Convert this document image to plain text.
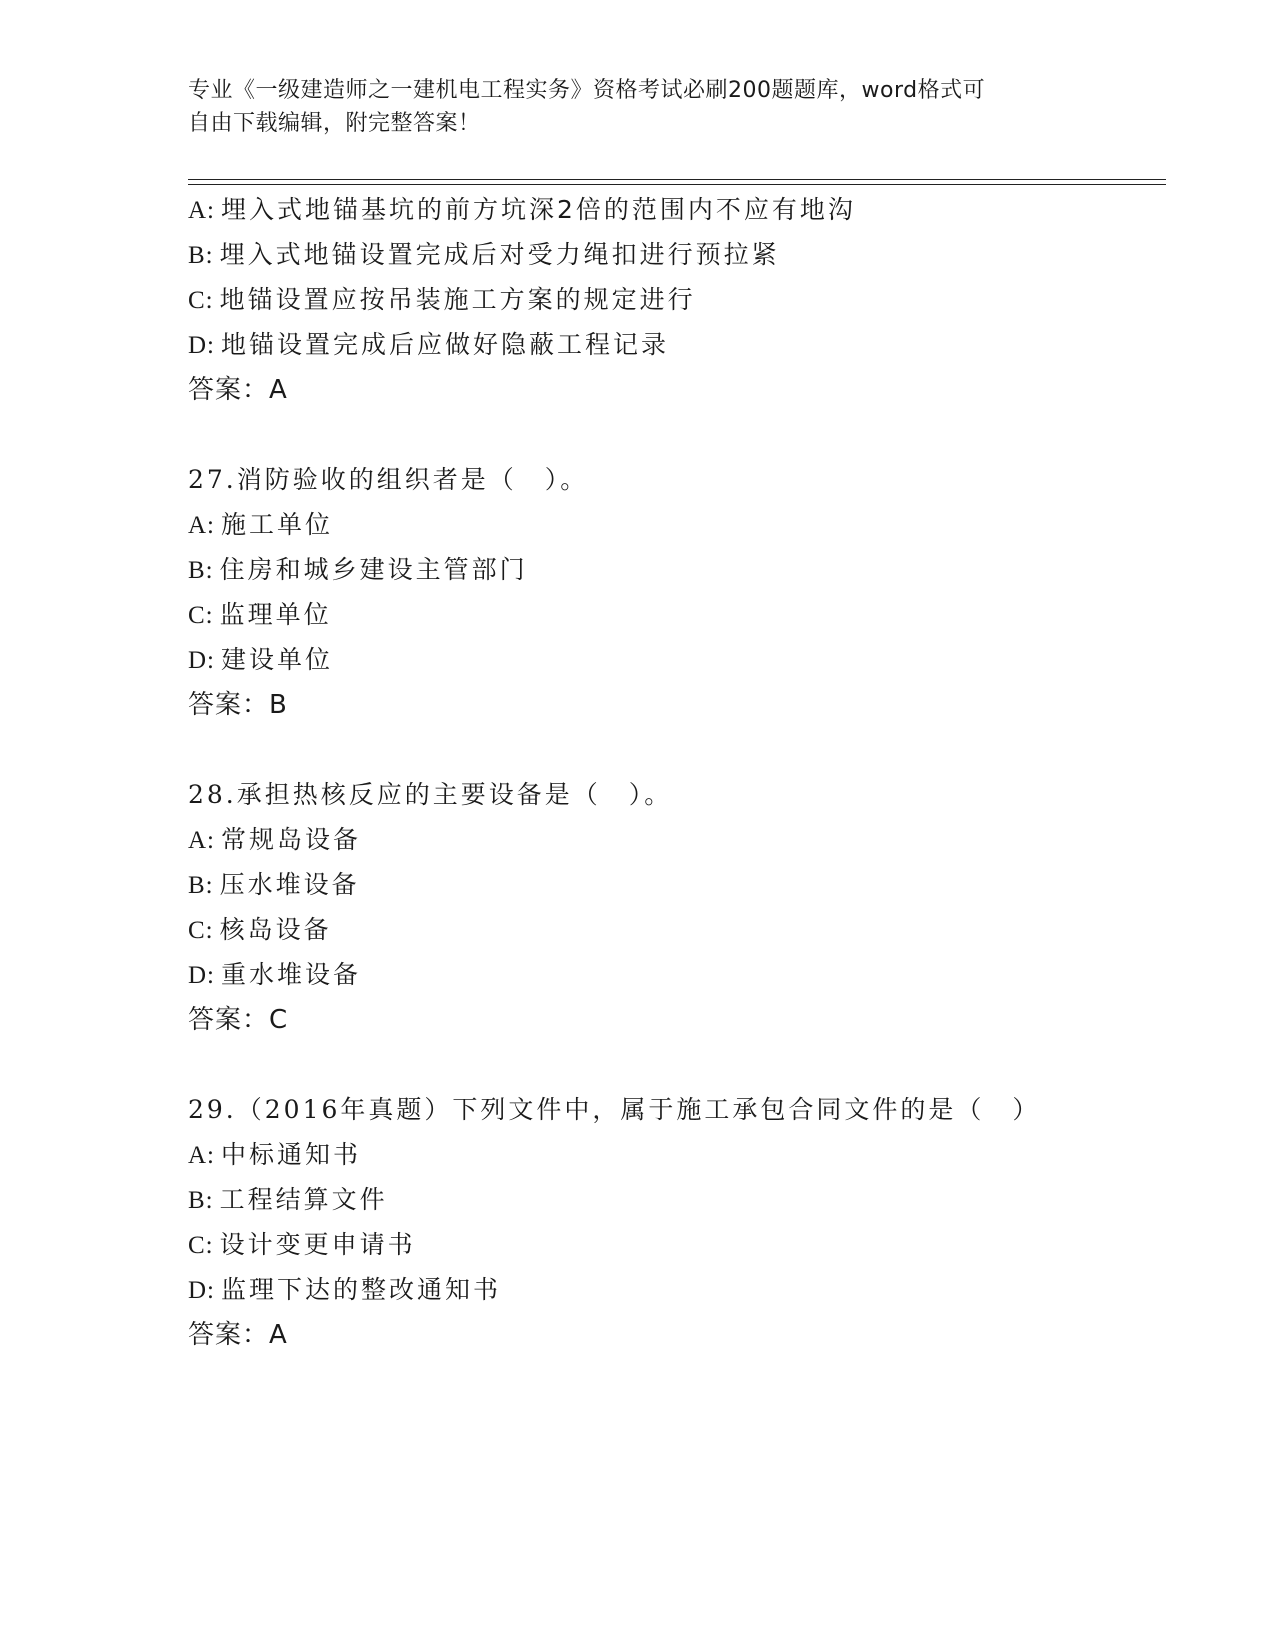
专业《一级建造师之一建机电工程实务》资格考试必刷200题题库，word格式可
自由下载编辑，附完整答案！
A: 埋入式地锚基坑的前方坑深2倍的范围内不应有地沟
B: 埋入式地锚设置完成后对受力绳扣进行预拉紧
C: 地锚设置应按吊装施工方案的规定进行
D: 地锚设置完成后应做好隐蔽工程记录
答案：A
27.消防验收的组织者是（　）。
A: 施工单位
B: 住房和城乡建设主管部门
C: 监理单位
D: 建设单位
答案：B
28.承担热核反应的主要设备是（　）。
A: 常规岛设备
B: 压水堆设备
C: 核岛设备
D: 重水堆设备
答案：C
29.（2016年真题）下列文件中，属于施工承包合同文件的是（　）
A: 中标通知书
B: 工程结算文件
C: 设计变更申请书
D: 监理下达的整改通知书
答案：A
